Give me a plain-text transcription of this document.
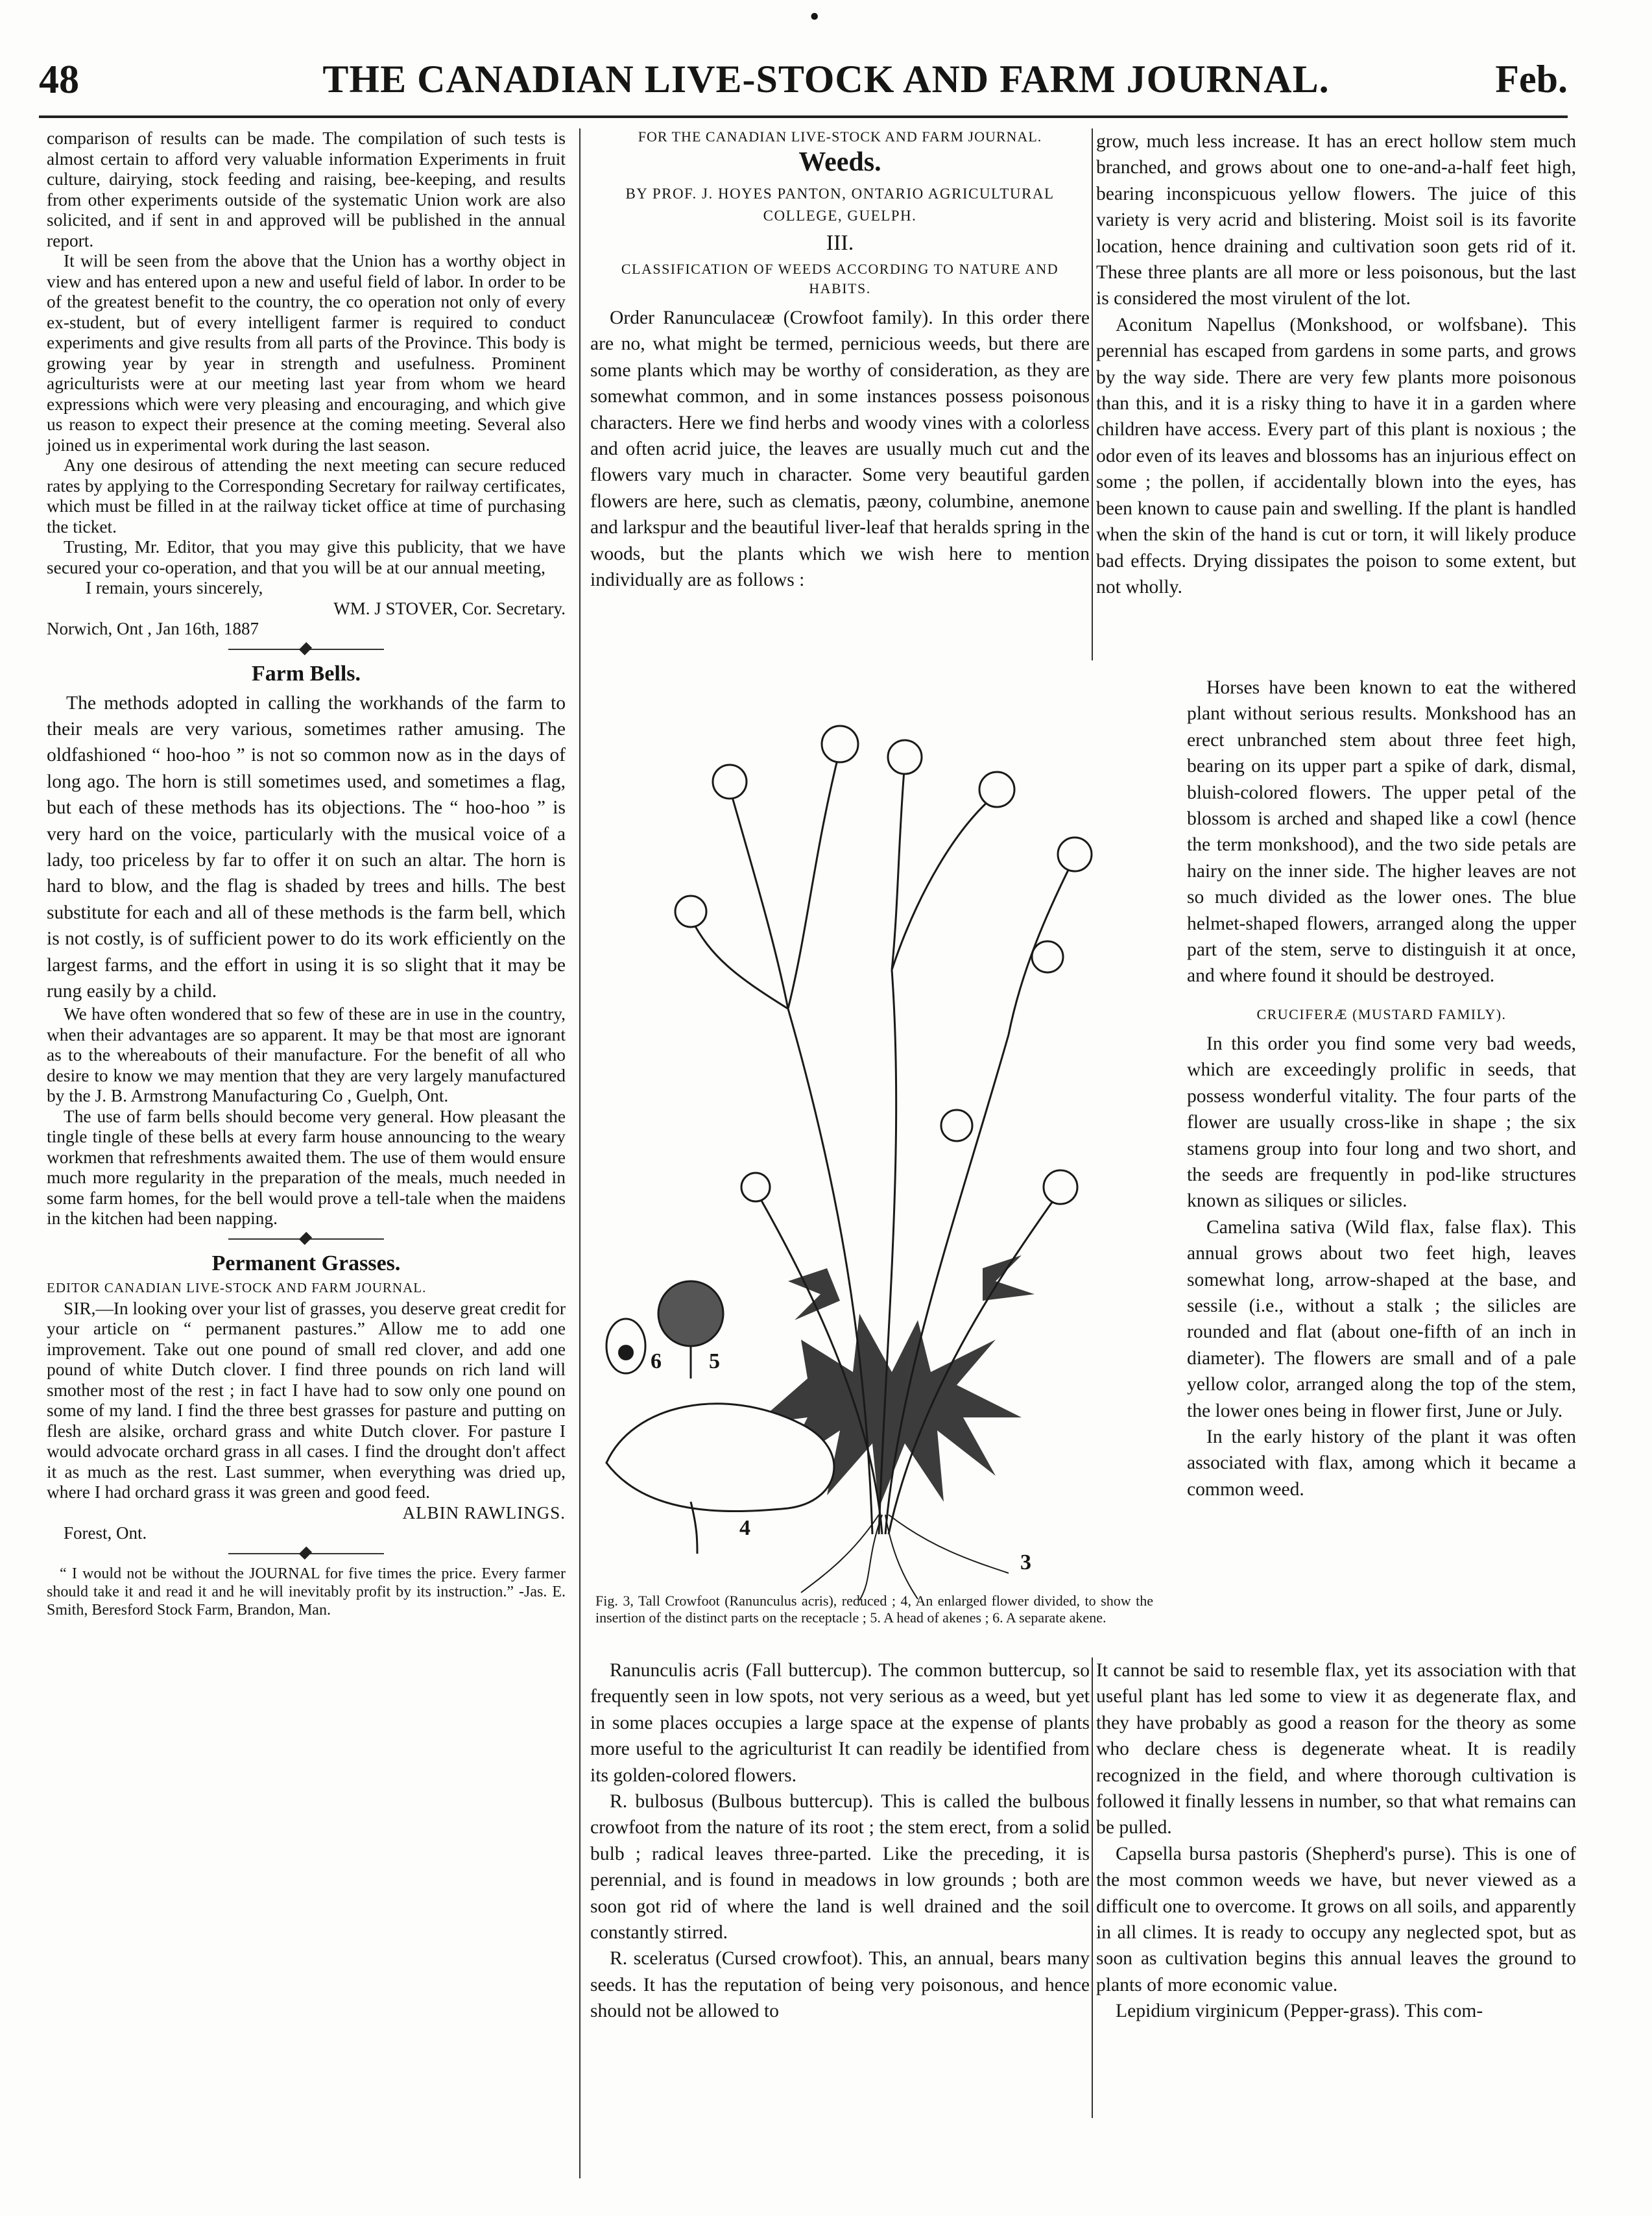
48	THE CANADIAN LIVE-STOCK AND FARM JOURNAL.	Feb.
•

comparison of results can be made. The compilation of such tests is almost certain to afford very valuable information Experiments in fruit culture, dairying, stock feeding and raising, bee-keeping, and results from other experiments outside of the systematic Union work are also solicited, and if sent in and approved will be published in the annual report.

It will be seen from the above that the Union has a worthy object in view and has entered upon a new and useful field of labor. In order to be of the greatest benefit to the country, the co operation not only of every ex-student, but of every intelligent farmer is required to conduct experiments and give results from all parts of the Province. This body is growing year by year in strength and usefulness. Prominent agriculturists were at our meeting last year from whom we heard expressions which were very pleasing and encouraging, and which give us reason to expect their presence at the coming meeting. Several also joined us in experimental work during the last season.

Any one desirous of attending the next meeting can secure reduced rates by applying to the Corresponding Secretary for railway certificates, which must be filled in at the railway ticket office at time of purchasing the ticket.

Trusting, Mr. Editor, that you may give this publicity, that we have secured your co-operation, and that you will be at our annual meeting,

I remain, yours sincerely,
WM. J STOVER, Cor. Secretary.
Norwich, Ont , Jan 16th, 1887
Farm Bells.

The methods adopted in calling the workhands of the farm to their meals are very various, sometimes rather amusing. The oldfashioned “ hoo-hoo ” is not so common now as in the days of long ago. The horn is still sometimes used, and sometimes a flag, but each of these methods has its objections. The “ hoo-hoo ” is very hard on the voice, particularly with the musical voice of a lady, too priceless by far to offer it on such an altar. The horn is hard to blow, and the flag is shaded by trees and hills. The best substitute for each and all of these methods is the farm bell, which is not costly, is of sufficient power to do its work efficiently on the largest farms, and the effort in using it is so slight that it may be rung easily by a child.

We have often wondered that so few of these are in use in the country, when their advantages are so apparent. It may be that most are ignorant as to the whereabouts of their manufacture. For the benefit of all who desire to know we may mention that they are very largely manufactured by the J. B. Armstrong Manufacturing Co , Guelph, Ont.

The use of farm bells should become very general. How pleasant the tingle tingle of these bells at every farm house announcing to the weary workmen that refreshments awaited them. The use of them would ensure much more regularity in the preparation of the meals, much needed in some farm homes, for the bell would prove a tell-tale when the maidens in the kitchen had been napping.

Permanent Grasses.
EDITOR CANADIAN LIVE-STOCK AND FARM JOURNAL.

SIR,—In looking over your list of grasses, you deserve great credit for your article on “ permanent pastures.” Allow me to add one improvement. Take out one pound of small red clover, and add one pound of white Dutch clover. I find three pounds on rich land will smother most of the rest ; in fact I have had to sow only one pound on some of my land. I find the three best grasses for pasture and putting on flesh are alsike, orchard grass and white Dutch clover. For pasture I would advocate orchard grass in all cases. I find the drought don't affect it as much as the rest. Last summer, when everything was dried up, where I had orchard grass it was green and good feed.

ALBIN RAWLINGS.
Forest, Ont.

“ I would not be without the JOURNAL for five times the price. Every farmer should take it and read it and he will inevitably profit by its instruction.” -Jas. E. Smith, Beresford Stock Farm, Brandon, Man.

FOR THE CANADIAN LIVE-STOCK AND FARM JOURNAL.
Weeds.
BY PROF. J. HOYES PANTON, ONTARIO AGRICULTURAL COLLEGE, GUELPH.
III.
CLASSIFICATION OF WEEDS ACCORDING TO NATURE AND HABITS.

Order Ranunculaceæ (Crowfoot family). In this order there are no, what might be termed, pernicious weeds, but there are some plants which may be worthy of consideration, as they are somewhat common, and in some instances possess poisonous characters. Here we find herbs and woody vines with a colorless and often acrid juice, the leaves are usually much cut and the flowers vary much in character. Some very beautiful garden flowers are here, such as clematis, pæony, columbine, anemone and larkspur and the beautiful liver-leaf that heralds spring in the woods, but the plants which we wish here to mention individually are as follows :

6 5
4
3
Fig. 3, Tall Crowfoot (Ranunculus acris), reduced ; 4, An enlarged flower divided, to show the insertion of the distinct parts on the receptacle ; 5. A head of akenes ; 6. A separate akene.

Ranunculis acris (Fall buttercup). The common buttercup, so frequently seen in low spots, not very serious as a weed, but yet in some places occupies a large space at the expense of plants more useful to the agriculturist It can readily be identified from its golden-colored flowers.

R. bulbosus (Bulbous buttercup). This is called the bulbous crowfoot from the nature of its root ; the stem erect, from a solid bulb ; radical leaves three-parted. Like the preceding, it is perennial, and is found in meadows in low grounds ; both are soon got rid of where the land is well drained and the soil constantly stirred.

R. sceleratus (Cursed crowfoot). This, an annual, bears many seeds. It has the reputation of being very poisonous, and hence should not be allowed to

grow, much less increase. It has an erect hollow stem much branched, and grows about one to one-and-a-half feet high, bearing inconspicuous yellow flowers. The juice of this variety is very acrid and blistering. Moist soil is its favorite location, hence draining and cultivation soon gets rid of it. These three plants are all more or less poisonous, but the last is considered the most virulent of the lot.

Aconitum Napellus (Monkshood, or wolfsbane). This perennial has escaped from gardens in some parts, and grows by the way side. There are very few plants more poisonous than this, and it is a risky thing to have it in a garden where children have access. Every part of this plant is noxious ; the odor even of its leaves and blossoms has an injurious effect on some ; the pollen, if accidentally blown into the eyes, has been known to cause pain and swelling. If the plant is handled when the skin of the hand is cut or torn, it will likely produce bad effects. Drying dissipates the poison to some extent, but not wholly.

Horses have been known to eat the withered plant without serious results. Monkshood has an erect unbranched stem about three feet high, bearing on its upper part a spike of dark, dismal, bluish-colored flowers. The upper petal of the blossom is arched and shaped like a cowl (hence the term monkshood), and the two side petals are hairy on the inner side. The higher leaves are not so much divided as the lower ones. The blue helmet-shaped flowers, arranged along the upper part of the stem, serve to distinguish it at once, and where found it should be destroyed.

CRUCIFERÆ (MUSTARD FAMILY).

In this order you find some very bad weeds, which are exceedingly prolific in seeds, that possess wonderful vitality. The four parts of the flower are usually cross-like in shape ; the six stamens group into four long and two short, and the seeds are frequently in pod-like structures known as siliques or silicles.

Camelina sativa (Wild flax, false flax). This annual grows about two feet high, leaves somewhat long, arrow-shaped at the base, and sessile (i.e., without a stalk ; the silicles are rounded and flat (about one-fifth of an inch in diameter). The flowers are small and of a pale yellow color, arranged along the top of the stem, the lower ones being in flower first, June or July.

In the early history of the plant it was often associated with flax, among which it became a common weed.

It cannot be said to resemble flax, yet its association with that useful plant has led some to view it as degenerate flax, and they have probably as good a reason for the theory as some who declare chess is degenerate wheat. It is readily recognized in the field, and where thorough cultivation is followed it finally lessens in number, so that what remains can be pulled.

Capsella bursa pastoris (Shepherd's purse). This is one of the most common weeds we have, but never viewed as a difficult one to overcome. It grows on all soils, and apparently in all climes. It is ready to occupy any neglected spot, but as soon as cultivation begins this annual leaves the ground to plants of more economic value.

Lepidium virginicum (Pepper-grass). This com-
